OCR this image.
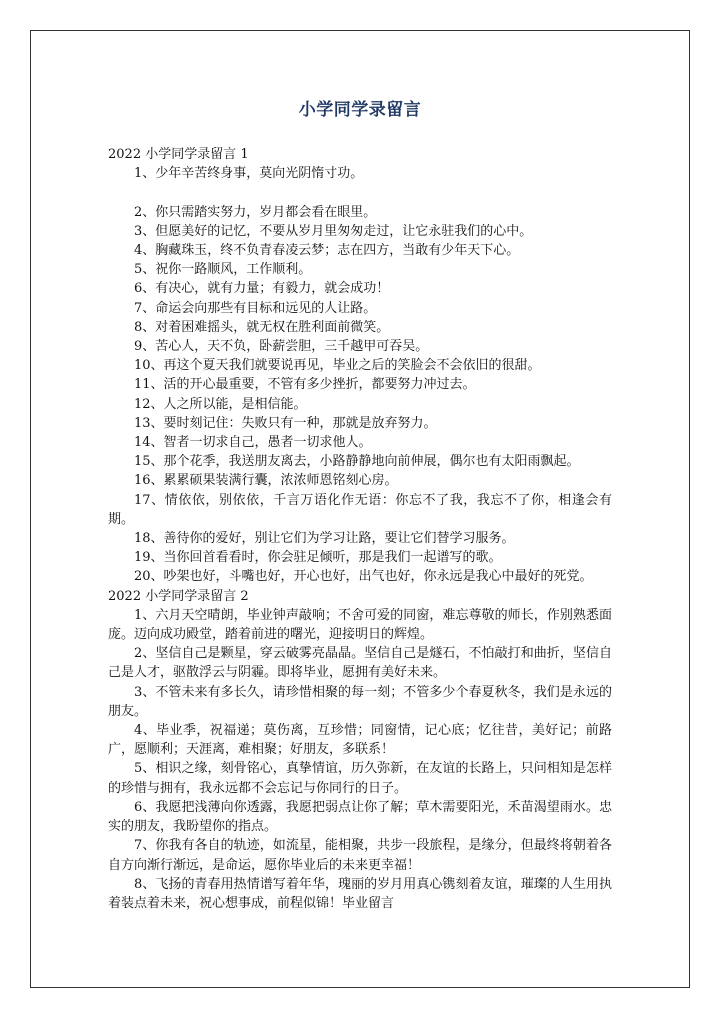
小学同学录留言

2022 小学同学录留言 1

1、少年辛苦终身事，莫向光阴惰寸功。

2、你只需踏实努力，岁月都会看在眼里。

3、但愿美好的记忆，不要从岁月里匆匆走过，让它永驻我们的心中。

4、胸藏珠玉，终不负青春凌云梦；志在四方，当敢有少年天下心。

5、祝你一路顺风，工作顺利。

6、有决心，就有力量；有毅力，就会成功！

7、命运会向那些有目标和远见的人让路。

8、对着困难摇头，就无权在胜利面前微笑。

9、苦心人，天不负，卧薪尝胆，三千越甲可吞吴。

10、再这个夏天我们就要说再见，毕业之后的笑脸会不会依旧的很甜。

11、活的开心最重要，不管有多少挫折，都要努力冲过去。

12、人之所以能，是相信能。

13、要时刻记住：失败只有一种，那就是放弃努力。

14、智者一切求自己，愚者一切求他人。

15、那个花季，我送朋友离去，小路静静地向前伸展，偶尔也有太阳雨飘起。

16、累累硕果装满行囊，浓浓师恩铭刻心房。

17、情依依，别依依，千言万语化作无语：你忘不了我，我忘不了你，相逢会有期。

18、善待你的爱好，别让它们为学习让路，要让它们替学习服务。

19、当你回首看看时，你会驻足倾听，那是我们一起谱写的歌。

20、吵架也好，斗嘴也好，开心也好，出气也好，你永远是我心中最好的死党。

2022 小学同学录留言 2

1、六月天空晴朗，毕业钟声敲响；不舍可爱的同窗，难忘尊敬的师长，作别熟悉面庞。迈向成功殿堂，踏着前进的曙光，迎接明日的辉煌。

2、坚信自己是颗星，穿云破雾亮晶晶。坚信自己是燧石，不怕敲打和曲折，坚信自己是人才，驱散浮云与阴霾。即将毕业，愿拥有美好未来。

3、不管未来有多长久，请珍惜相聚的每一刻；不管多少个春夏秋冬，我们是永远的朋友。

4、毕业季，祝福递；莫伤离，互珍惜；同窗情，记心底；忆往昔，美好记；前路广，愿顺利；天涯离，难相聚；好朋友，多联系！

5、相识之缘，刻骨铭心，真挚情谊，历久弥新，在友谊的长路上，只问相知是怎样的珍惜与拥有，我永远都不会忘记与你同行的日子。

6、我愿把浅薄向你透露，我愿把弱点让你了解；草木需要阳光，禾苗渴望雨水。忠实的朋友，我盼望你的指点。

7、你我有各自的轨迹，如流星，能相聚，共步一段旅程，是缘分，但最终将朝着各自方向渐行渐远，是命运，愿你毕业后的未来更幸福！

8、飞扬的青春用热情谱写着年华，瑰丽的岁月用真心镌刻着友谊，璀璨的人生用执着装点着未来，祝心想事成，前程似锦！毕业留言
